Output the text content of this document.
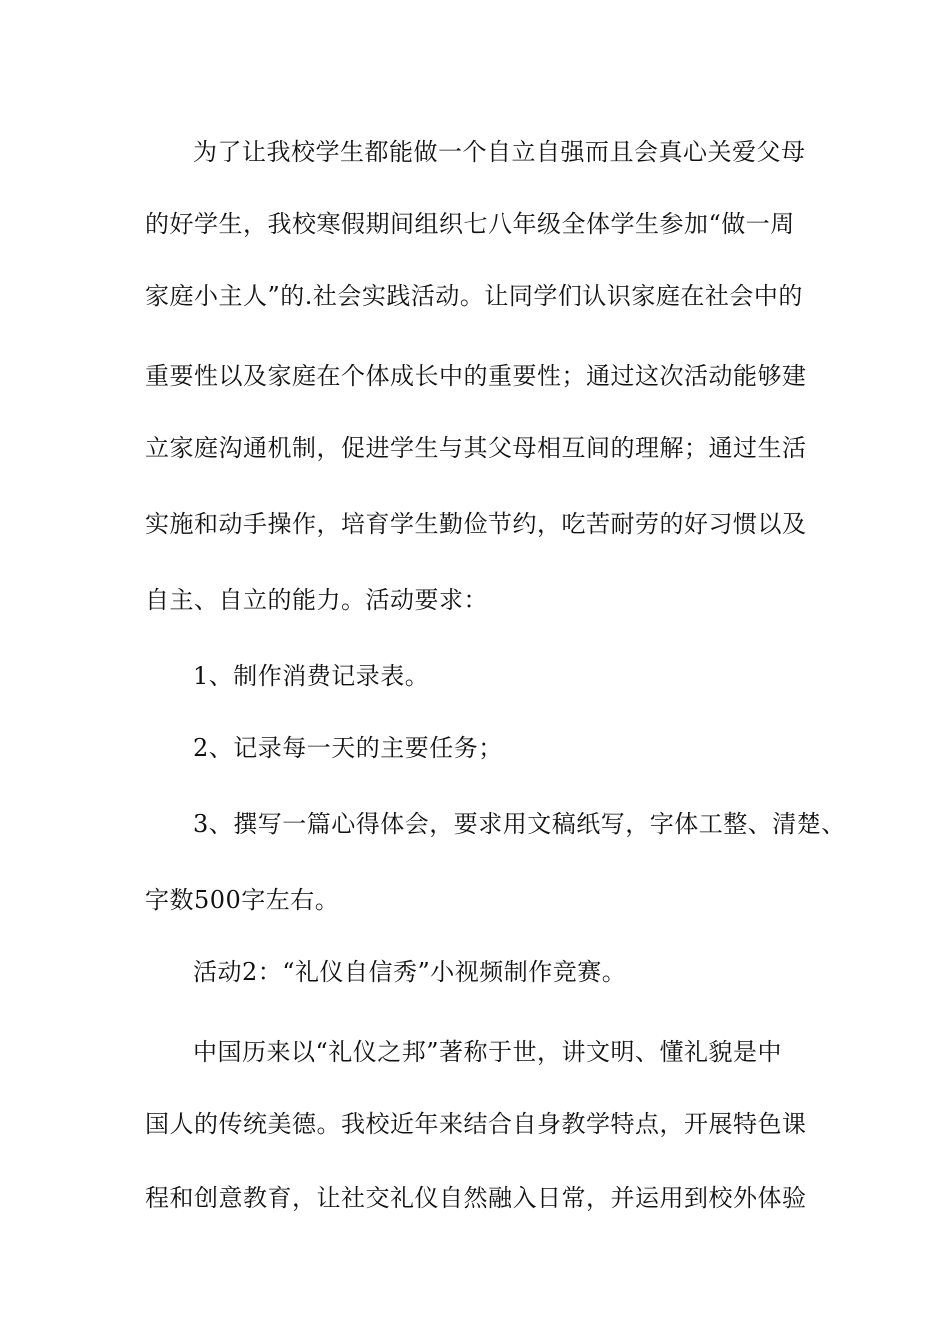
为了让我校学生都能做一个自立自强而且会真心关爱父母
的好学生，我校寒假期间组织七八年级全体学生参加“做一周
家庭小主人”的.社会实践活动。让同学们认识家庭在社会中的
重要性以及家庭在个体成长中的重要性；通过这次活动能够建
立家庭沟通机制，促进学生与其父母相互间的理解；通过生活
实施和动手操作，培育学生勤俭节约，吃苦耐劳的好习惯以及
自主、自立的能力。活动要求：
1、制作消费记录表。
2、记录每一天的主要任务；
3、撰写一篇心得体会，要求用文稿纸写，字体工整、清楚、
字数500字左右。
活动2：“礼仪自信秀”小视频制作竞赛。
中国历来以“礼仪之邦”著称于世，讲文明、懂礼貌是中
国人的传统美德。我校近年来结合自身教学特点，开展特色课
程和创意教育，让社交礼仪自然融入日常，并运用到校外体验
